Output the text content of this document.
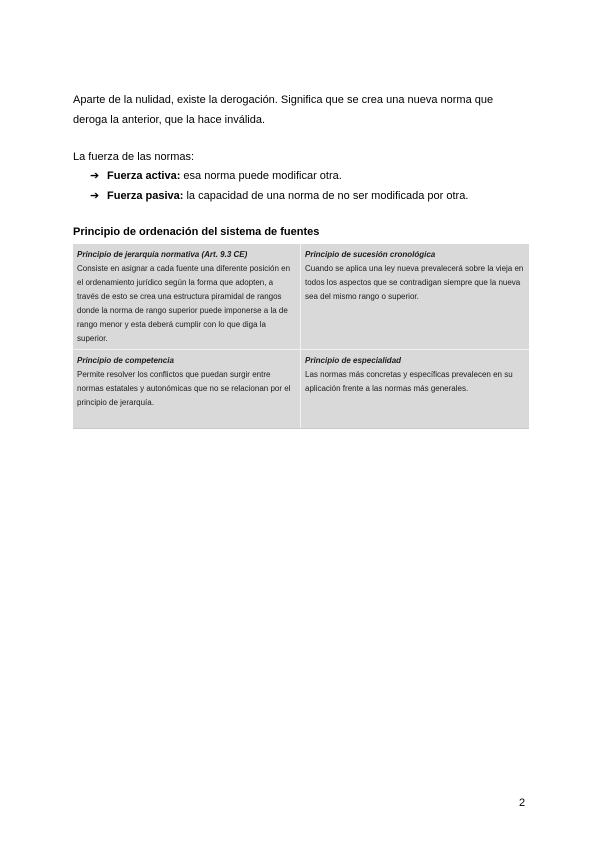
Aparte de la nulidad, existe la derogación. Significa que se crea una nueva norma que deroga la anterior, que la hace inválida.
La fuerza de las normas:
➔ Fuerza activa: esa norma puede modificar otra.
➔ Fuerza pasiva: la capacidad de una norma de no ser modificada por otra.
Principio de ordenación del sistema de fuentes
Principio de jerarquía normativa (Art. 9.3 CE)
Consiste en asignar a cada fuente una diferente posición en el ordenamiento jurídico según la forma que adopten, a través de esto se crea una estructura piramidal de rangos donde la norma de rango superior puede imponerse a la de rango menor y esta deberá cumplir con lo que diga la superior.
Principio de sucesión cronológica
Cuando se aplica una ley nueva prevalecerá sobre la vieja en todos los aspectos que se contradigan siempre que la nueva sea del mismo rango o superior.
Principio de competencia
Permite resolver los conflictos que puedan surgir entre normas estatales y autonómicas que no se relacionan por el principio de jerarquía.
Principio de especialidad
Las normas más concretas y específicas prevalecen en su aplicación frente a las normas más generales.
2
